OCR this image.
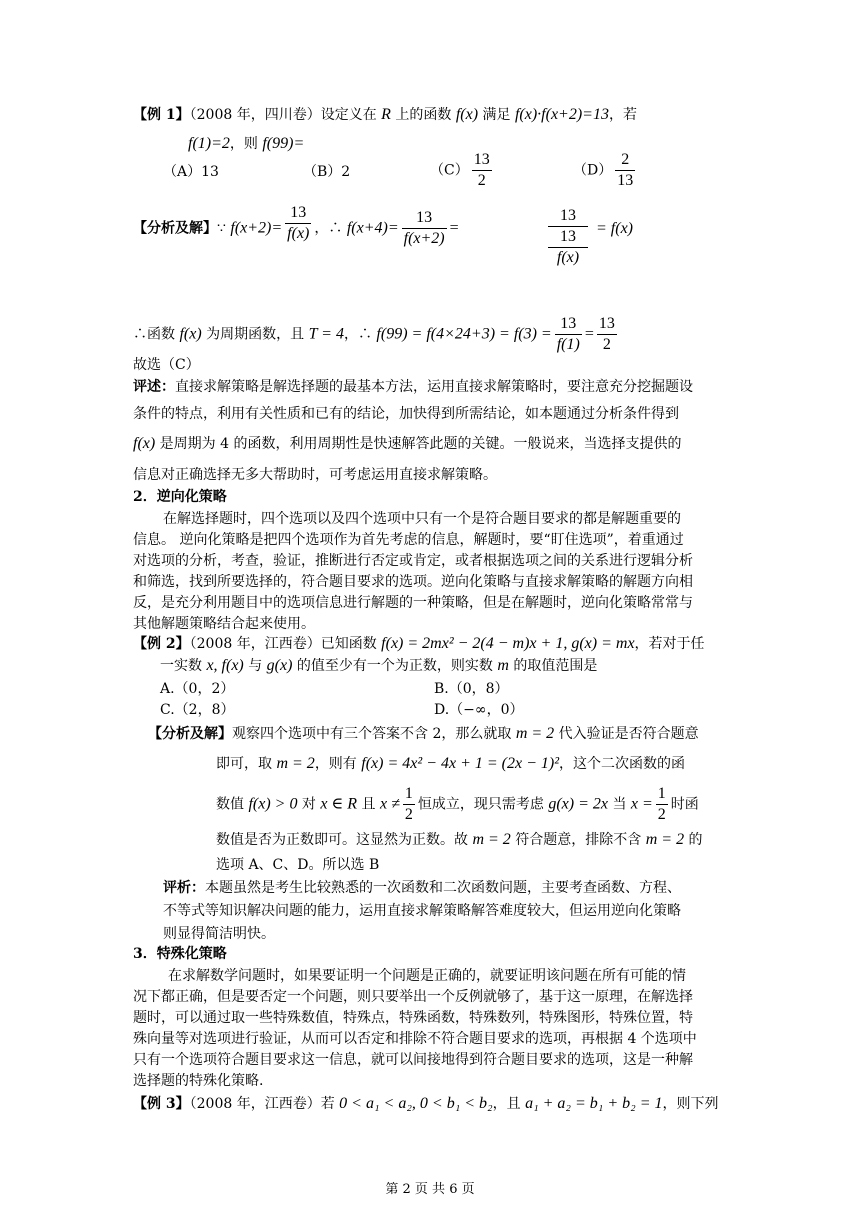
【例 1】（2008 年，四川卷）设定义在 R 上的函数 f(x) 满足 f(x)·f(x+2)=13，若
f(1)=2，则 f(99)=
（A）13	（B）2	$(C) \frac{13}{2}$	$(D) \frac{2}{13}$
【分析及解】∵ $f(x+2)= \frac{13}{f(x)}$ ，∴ $f(x+4)= \frac{13}{f(x+2)}$ =
13
13
f(x)
= f(x)
∴函数 f(x) 为周期函数，且 T = 4，∴ $f(99) = f(4\times 24+3) = f(3) = \frac{13}{f(1)} = \frac{13}{2}$
故选（C）
评述：直接求解策略是解选择题的最基本方法，运用直接求解策略时，要注意充分挖掘题设
条件的特点，利用有关性质和已有的结论，加快得到所需结论，如本题通过分析条件得到
f(x) 是周期为 4 的函数，利用周期性是快速解答此题的关键。一般说来，当选择支提供的
信息对正确选择无多大帮助时，可考虑运用直接求解策略。
2．逆向化策略
在解选择题时，四个选项以及四个选项中只有一个是符合题目要求的都是解题重要的
信息。 逆向化策略是把四个选项作为首先考虑的信息，解题时，要“盯住选项”，着重通过
对选项的分析，考查，验证，推断进行否定或肯定，或者根据选项之间的关系进行逻辑分析
和筛选，找到所要选择的，符合题目要求的选项。逆向化策略与直接求解策略的解题方向相
反，是充分利用题目中的选项信息进行解题的一种策略，但是在解题时，逆向化策略常常与
其他解题策略结合起来使用。
【例 2】（2008 年，江西卷）已知函数 f(x) = 2mx² − 2(4 − m)x + 1, g(x) = mx，若对于任
一实数 x, f(x) 与 g(x) 的值至少有一个为正数，则实数 m 的取值范围是
A.（0，2）	B.（0，8）
C.（2，8）	D.（−∞，0）
【分析及解】观察四个选项中有三个答案不含 2，那么就取 m = 2 代入验证是否符合题意
即可，取 m = 2，则有 f(x) = 4x² − 4x + 1 = (2x − 1)²，这个二次函数的函
数值 f(x) > 0 对 x ∈ R 且 $x \ne \frac{1}{2}$ 恒成立，现只需考虑 g(x) = 2x 当 $x = \frac{1}{2}$ 时函
数值是否为正数即可。这显然为正数。故 m = 2 符合题意，排除不含 m = 2 的
选项 A、C、D。所以选 B
评析：本题虽然是考生比较熟悉的一次函数和二次函数问题，主要考查函数、方程、
不等式等知识解决问题的能力，运用直接求解策略解答难度较大，但运用逆向化策略
则显得简洁明快。
3．特殊化策略
在求解数学问题时，如果要证明一个问题是正确的，就要证明该问题在所有可能的情
况下都正确，但是要否定一个问题，则只要举出一个反例就够了，基于这一原理，在解选择
题时，可以通过取一些特殊数值，特殊点，特殊函数，特殊数列，特殊图形，特殊位置，特
殊向量等对选项进行验证，从而可以否定和排除不符合题目要求的选项，再根据 4 个选项中
只有一个选项符合题目要求这一信息，就可以间接地得到符合题目要求的选项，这是一种解
选择题的特殊化策略.
【例 3】（2008 年，江西卷）若 0 < a₁ < a₂, 0 < b₁ < b₂，且 a₁ + a₂ = b₁ + b₂ = 1，则下列
第 2 页 共 6 页
